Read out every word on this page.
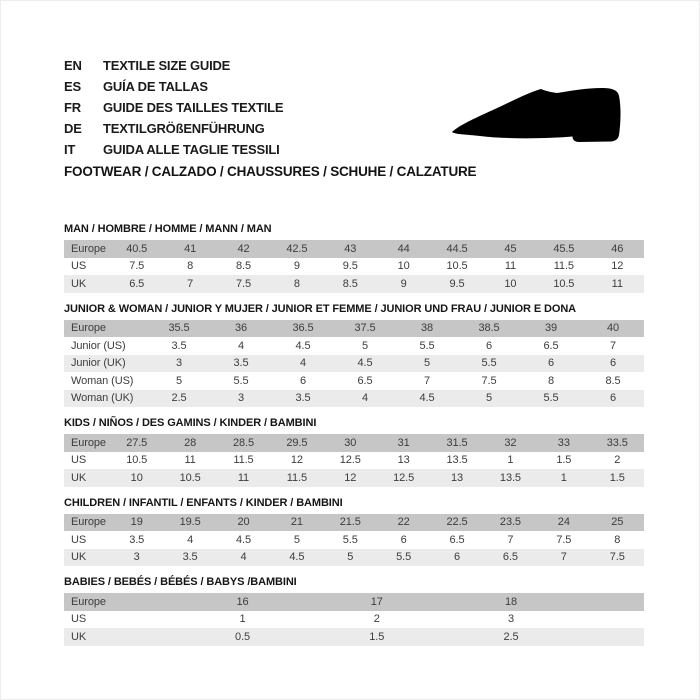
EN TEXTILE SIZE GUIDE
ES GUÍA DE TALLAS
FR GUIDE DES TAILLES TEXTILE
DE TEXTILGRÖßENFÜHRUNG
IT GUIDA ALLE TAGLIE TESSILI
FOOTWEAR / CALZADO / CHAUSSURES / SCHUHE / CALZATURE
MAN / HOMBRE / HOMME / MANN / MAN
Europe	40.5	41	42	42.5	43	44	44.5	45	45.5	46
US	7.5	8	8.5	9	9.5	10	10.5	11	11.5	12
UK	6.5	7	7.5	8	8.5	9	9.5	10	10.5	11
JUNIOR & WOMAN / JUNIOR Y MUJER / JUNIOR ET FEMME / JUNIOR UND FRAU / JUNIOR E DONA
Europe	35.5	36	36.5	37.5	38	38.5	39	40
Junior (US)	3.5	4	4.5	5	5.5	6	6.5	7
Junior (UK)	3	3.5	4	4.5	5	5.5	6	6
Woman (US)	5	5.5	6	6.5	7	7.5	8	8.5
Woman (UK)	2.5	3	3.5	4	4.5	5	5.5	6
KIDS / NIÑOS / DES GAMINS / KINDER / BAMBINI
Europe	27.5	28	28.5	29.5	30	31	31.5	32	33	33.5
US	10.5	11	11.5	12	12.5	13	13.5	1	1.5	2
UK	10	10.5	11	11.5	12	12.5	13	13.5	1	1.5
CHILDREN / INFANTIL / ENFANTS / KINDER / BAMBINI
Europe	19	19.5	20	21	21.5	22	22.5	23.5	24	25
US	3.5	4	4.5	5	5.5	6	6.5	7	7.5	8
UK	3	3.5	4	4.5	5	5.5	6	6.5	7	7.5
BABIES / BEBÉS / BÉBÉS / BABYS /BAMBINI
Europe	16	17	18	
US	1	2	3	
UK	0.5	1.5	2.5	
